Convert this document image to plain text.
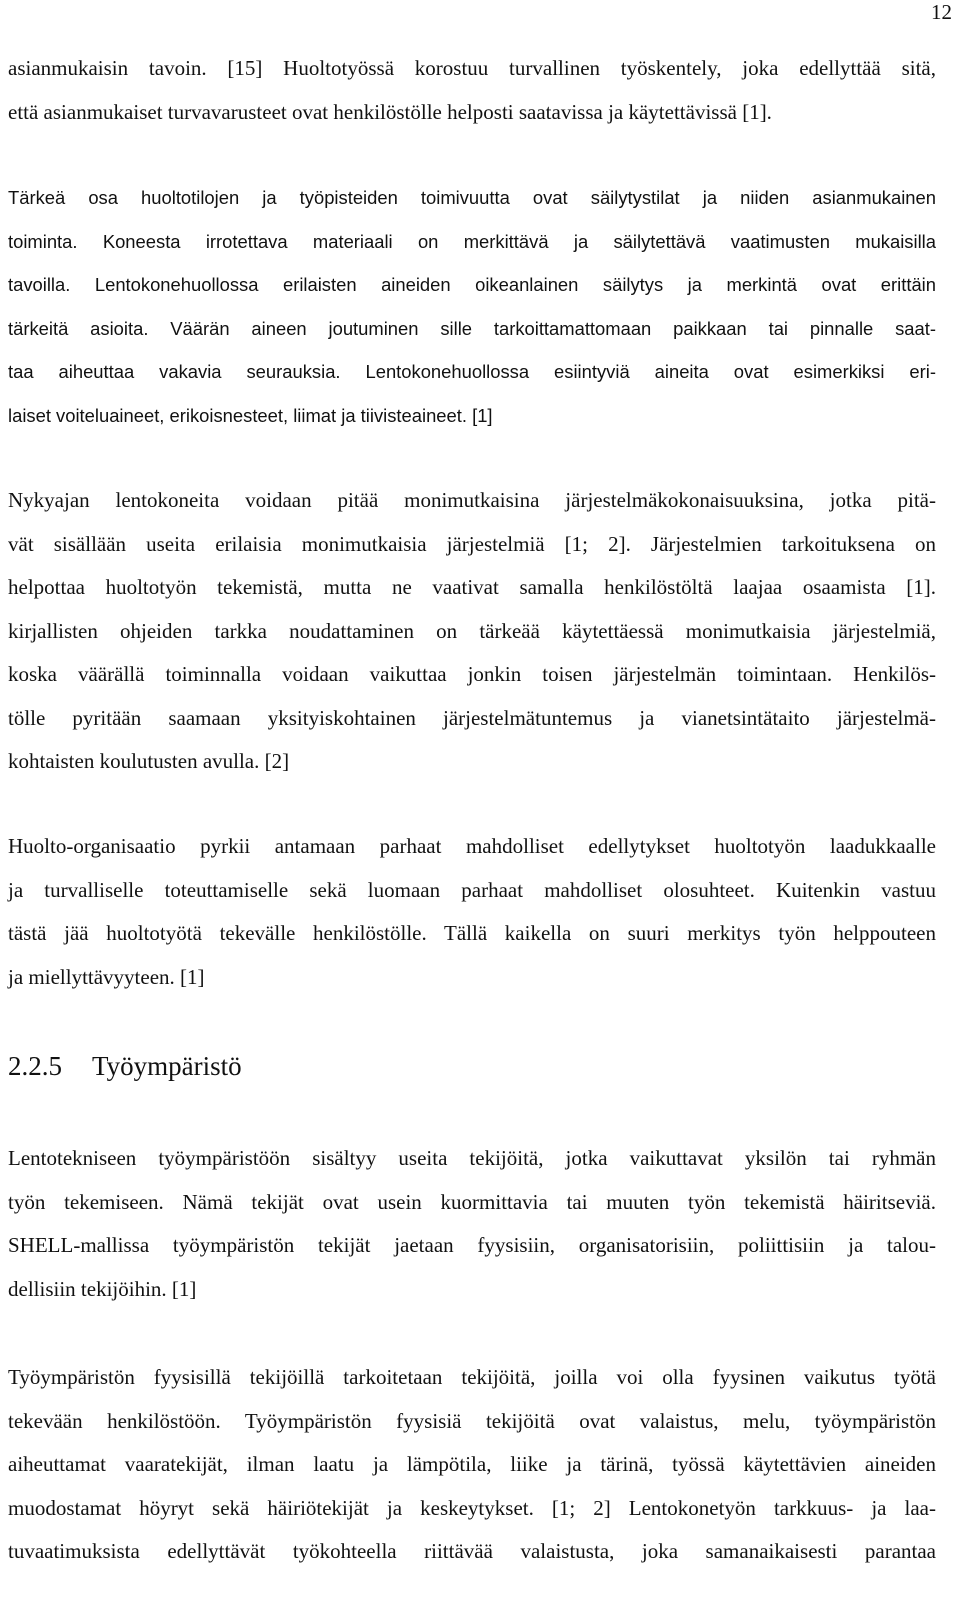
12
asianmukaisin tavoin. [15] Huoltotyössä korostuu turvallinen työskentely, joka edellyttää sitä,
että asianmukaiset turvavarusteet ovat henkilöstölle helposti saatavissa ja käytettävissä [1].
Tärkeä osa huoltotilojen ja työpisteiden toimivuutta ovat säilytystilat ja niiden asianmukainen
toiminta. Koneesta irrotettava materiaali on merkittävä ja säilytettävä vaatimusten mukaisilla
tavoilla. Lentokonehuollossa erilaisten aineiden oikeanlainen säilytys ja merkintä ovat erittäin
tärkeitä asioita. Väärän aineen joutuminen sille tarkoittamattomaan paikkaan tai pinnalle saat-
taa aiheuttaa vakavia seurauksia. Lentokonehuollossa esiintyviä aineita ovat esimerkiksi eri-
laiset voiteluaineet, erikoisnesteet, liimat ja tiivisteaineet. [1]
Nykyajan lentokoneita voidaan pitää monimutkaisina järjestelmäkokonaisuuksina, jotka pitä-
vät sisällään useita erilaisia monimutkaisia järjestelmiä [1; 2]. Järjestelmien tarkoituksena on
helpottaa huoltotyön tekemistä, mutta ne vaativat samalla henkilöstöltä laajaa osaamista [1].
kirjallisten ohjeiden tarkka noudattaminen on tärkeää käytettäessä monimutkaisia järjestelmiä,
koska väärällä toiminnalla voidaan vaikuttaa jonkin toisen järjestelmän toimintaan. Henkilös-
tölle pyritään saamaan yksityiskohtainen järjestelmätuntemus ja vianetsintätaito järjestelmä-
kohtaisten koulutusten avulla. [2]
Huolto-organisaatio pyrkii antamaan parhaat mahdolliset edellytykset huoltotyön laadukkaalle
ja turvalliselle toteuttamiselle sekä luomaan parhaat mahdolliset olosuhteet. Kuitenkin vastuu
tästä jää huoltotyötä tekevälle henkilöstölle. Tällä kaikella on suuri merkitys työn helppouteen
ja miellyttävyyteen. [1]
2.2.5 Työympäristö
Lentotekniseen työympäristöön sisältyy useita tekijöitä, jotka vaikuttavat yksilön tai ryhmän
työn tekemiseen. Nämä tekijät ovat usein kuormittavia tai muuten työn tekemistä häiritseviä.
SHELL-mallissa työympäristön tekijät jaetaan fyysisiin, organisatorisiin, poliittisiin ja talou-
dellisiin tekijöihin. [1]
Työympäristön fyysisillä tekijöillä tarkoitetaan tekijöitä, joilla voi olla fyysinen vaikutus työtä
tekevään henkilöstöön. Työympäristön fyysisiä tekijöitä ovat valaistus, melu, työympäristön
aiheuttamat vaaratekijät, ilman laatu ja lämpötila, liike ja tärinä, työssä käytettävien aineiden
muodostamat höyryt sekä häiriötekijät ja keskeytykset. [1; 2] Lentokonetyön tarkkuus- ja laa-
tuvaatimuksista edellyttävät työkohteella riittävää valaistusta, joka samanaikaisesti parantaa
